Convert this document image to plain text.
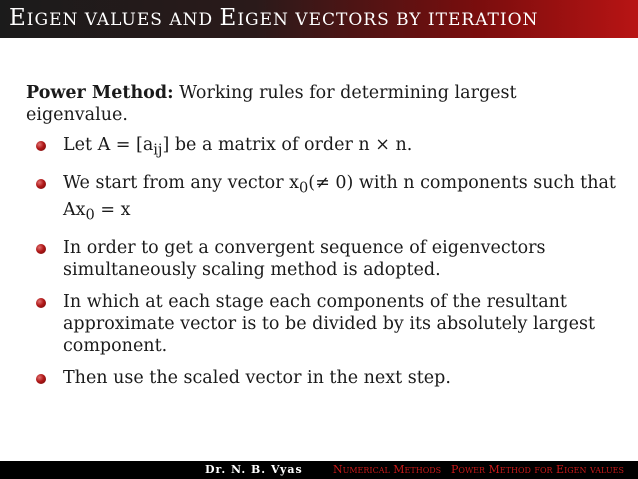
EIGEN VALUES AND EIGEN VECTORS BY ITERATION

Power Method: Working rules for determining largest eigenvalue.

Let $A = [a_{ij}]$ be a matrix of order n × n.
We start from any vector $x_0(\ne 0)$ with n components such that $Ax_0 = x$
In order to get a convergent sequence of eigenvectors simultaneously scaling method is adopted.
In which at each stage each components of the resultant approximate vector is to be divided by its absolutely largest component.
Then use the scaled vector in the next step.
Dr. N. B. Vyas	Numerical Methods Power Method for Eigen values
